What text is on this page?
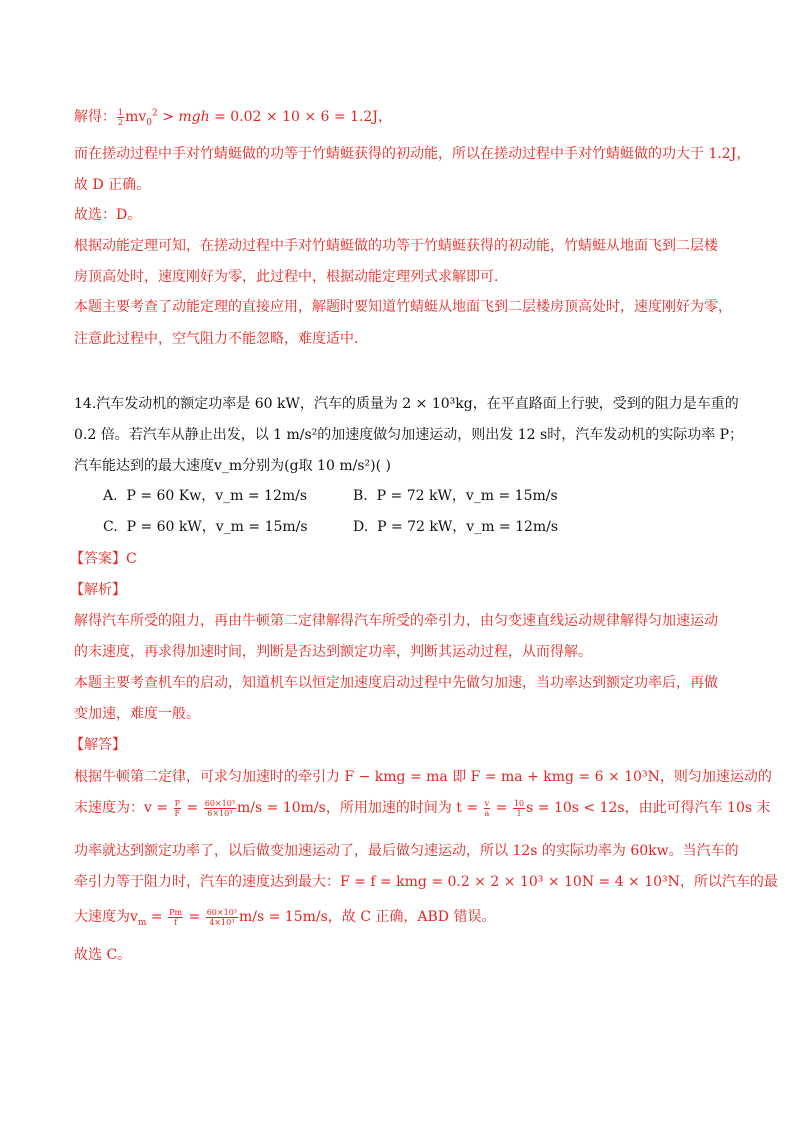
解得： $\frac{1}{2} mv_0^2$ > mgh = 0.02 × 10 × 6 = 1.2J，
而在搓动过程中手对竹蜻蜓做的功等于竹蜻蜓获得的初动能，所以在搓动过程中手对竹蜻蜓做的功大于 1.2J，
故 D 正确。
故选：D。
根据动能定理可知，在搓动过程中手对竹蜻蜓做的功等于竹蜻蜓获得的初动能，竹蜻蜓从地面飞到二层楼
房顶高处时，速度刚好为零，此过程中，根据动能定理列式求解即可．
本题主要考查了动能定理的直接应用，解题时要知道竹蜻蜓从地面飞到二层楼房顶高处时，速度刚好为零，
注意此过程中，空气阻力不能忽略，难度适中．
14.汽车发动机的额定功率是 60 kW，汽车的质量为 2 × 10³kg，在平直路面上行驶，受到的阻力是车重的
0.2 倍。若汽车从静止出发，以 1 m/s²的加速度做匀加速运动，则出发 12 s时，汽车发动机的实际功率 P；
汽车能达到的最大速度v_m分别为(g取 10 m/s²)( )
A. P = 60 Kw，v_m = 12m/s	B. P = 72 kW，v_m = 15m/s
C. P = 60 kW，v_m = 15m/s	D. P = 72 kW，v_m = 12m/s
【答案】C
【解析】
解得汽车所受的阻力，再由牛顿第二定律解得汽车所受的牵引力，由匀变速直线运动规律解得匀加速运动
的末速度，再求得加速时间，判断是否达到额定功率，判断其运动过程，从而得解。
本题主要考查机车的启动，知道机车以恒定加速度启动过程中先做匀加速，当功率达到额定功率后，再做
变加速，难度一般。
【解答】
根据牛顿第二定律，可求匀加速时的牵引力 F − kmg = ma 即 F = ma + kmg = 6 × 10³N，则匀加速运动的
末速度为：$v = \frac{P}{F} = \frac{\text{60×10³}}{\text{6×10³}} m/s = 10m/s$，所用加速的时间为 $t = \frac{v}{a} = \frac{10}{1}$ s = 10s < 12s，由此可得汽车 10s 末
功率就达到额定功率了，以后做变加速运动了，最后做匀速运动，所以 12s 的实际功率为 60kw。当汽车的
牵引力等于阻力时，汽车的速度达到最大：F = f = kmg = 0.2 × 2 × 10³ × 10N = 4 × 10³N，所以汽车的最
大速度为$v_m = \frac{Pm}{f} = \frac{\text{60×10³}}{\text{4×10³}} m/s = 15m/s$，故 C 正确，ABD 错误。
故选 C。
